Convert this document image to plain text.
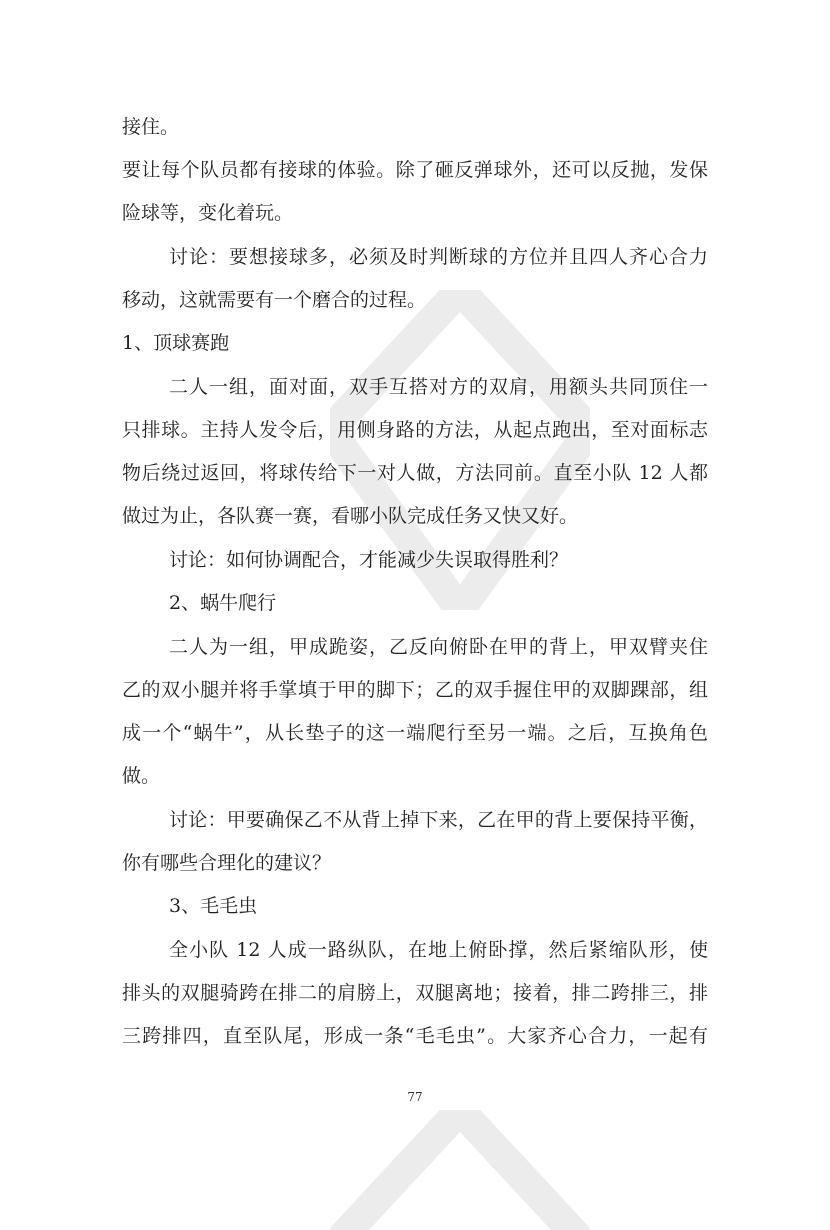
接住。
要让每个队员都有接球的体验。除了砸反弹球外，还可以反抛，发保
险球等，变化着玩。
讨论：要想接球多，必须及时判断球的方位并且四人齐心合力
移动，这就需要有一个磨合的过程。
1、顶球赛跑
二人一组，面对面，双手互搭对方的双肩，用额头共同顶住一
只排球。主持人发令后，用侧身路的方法，从起点跑出，至对面标志
物后绕过返回，将球传给下一对人做，方法同前。直至小队 12 人都
做过为止，各队赛一赛，看哪小队完成任务又快又好。
讨论：如何协调配合，才能减少失误取得胜利？
2、蜗牛爬行
二人为一组，甲成跪姿，乙反向俯卧在甲的背上，甲双臂夹住
乙的双小腿并将手掌填于甲的脚下；乙的双手握住甲的双脚踝部，组
成一个“蜗牛”，从长垫子的这一端爬行至另一端。之后，互换角色
做。
讨论：甲要确保乙不从背上掉下来，乙在甲的背上要保持平衡，
你有哪些合理化的建议？
3、毛毛虫
全小队 12 人成一路纵队，在地上俯卧撑，然后紧缩队形，使
排头的双腿骑跨在排二的肩膀上，双腿离地；接着，排二跨排三，排
三跨排四，直至队尾，形成一条“毛毛虫”。大家齐心合力，一起有
77
